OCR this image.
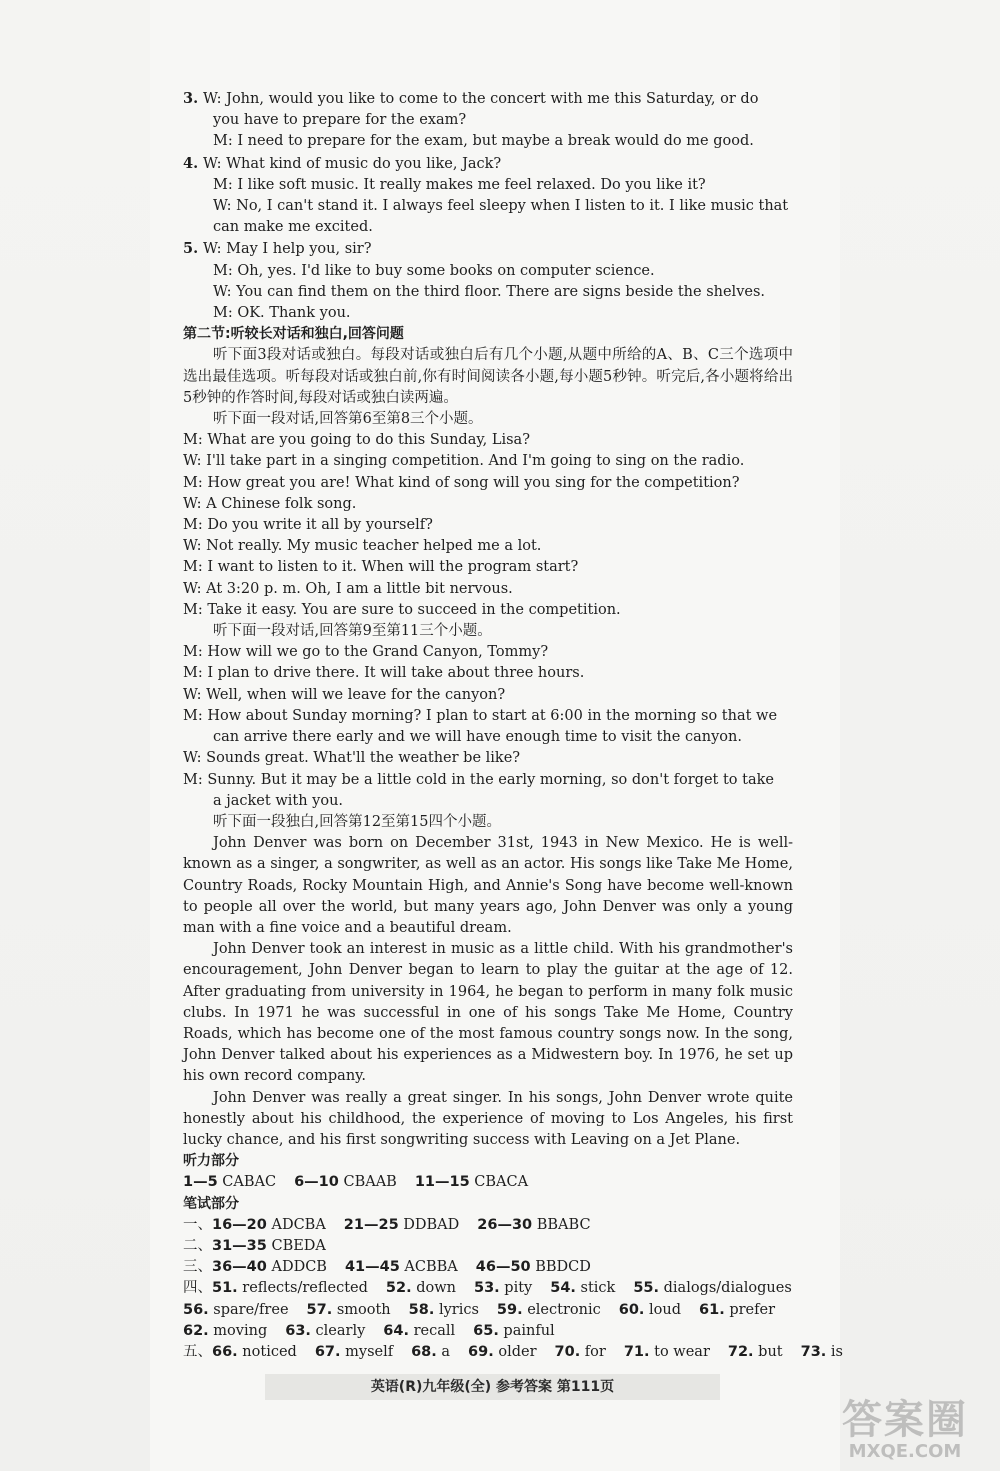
3. W: John, would you like to come to the concert with me this Saturday, or do
you have to prepare for the exam?
M: I need to prepare for the exam, but maybe a break would do me good.
4. W: What kind of music do you like, Jack?
M: I like soft music. It really makes me feel relaxed. Do you like it?
W: No, I can't stand it. I always feel sleepy when I listen to it. I like music that
can make me excited.
5. W: May I help you, sir?
M: Oh, yes. I'd like to buy some books on computer science.
W: You can find them on the third floor. There are signs beside the shelves.
M: OK. Thank you.
第二节:听较长对话和独白,回答问题
听下面3段对话或独白。每段对话或独白后有几个小题,从题中所给的A、B、C三个选项中选出最佳选项。听每段对话或独白前,你有时间阅读各小题,每小题5秒钟。听完后,各小题将给出5秒钟的作答时间,每段对话或独白读两遍。
听下面一段对话,回答第6至第8三个小题。
M: What are you going to do this Sunday, Lisa?
W: I'll take part in a singing competition. And I'm going to sing on the radio.
M: How great you are! What kind of song will you sing for the competition?
W: A Chinese folk song.
M: Do you write it all by yourself?
W: Not really. My music teacher helped me a lot.
M: I want to listen to it. When will the program start?
W: At 3:20 p. m. Oh, I am a little bit nervous.
M: Take it easy. You are sure to succeed in the competition.
听下面一段对话,回答第9至第11三个小题。
M: How will we go to the Grand Canyon, Tommy?
M: I plan to drive there. It will take about three hours.
W: Well, when will we leave for the canyon?
M: How about Sunday morning? I plan to start at 6:00 in the morning so that we
can arrive there early and we will have enough time to visit the canyon.
W: Sounds great. What'll the weather be like?
M: Sunny. But it may be a little cold in the early morning, so don't forget to take
a jacket with you.
听下面一段独白,回答第12至第15四个小题。
John Denver was born on December 31st, 1943 in New Mexico. He is well-known as a singer, a songwriter, as well as an actor. His songs like Take Me Home, Country Roads, Rocky Mountain High, and Annie's Song have become well-known to people all over the world, but many years ago, John Denver was only a young man with a fine voice and a beautiful dream.
John Denver took an interest in music as a little child. With his grandmother's encouragement, John Denver began to learn to play the guitar at the age of 12. After graduating from university in 1964, he began to perform in many folk music clubs. In 1971 he was successful in one of his songs Take Me Home, Country Roads, which has become one of the most famous country songs now. In the song, John Denver talked about his experiences as a Midwestern boy. In 1976, he set up his own record company.
John Denver was really a great singer. In his songs, John Denver wrote quite honestly about his childhood, the experience of moving to Los Angeles, his first lucky chance, and his first songwriting success with Leaving on a Jet Plane.
听力部分
1—5 CABAC 6—10 CBAAB 11—15 CBACA
笔试部分
一、16—20 ADCBA 21—25 DDBAD 26—30 BBABC
二、31—35 CBEDA
三、36—40 ADDCB 41—45 ACBBA 46—50 BBDCD
四、51. reflects/reflected 52. down 53. pity 54. stick 55. dialogs/dialogues
56. spare/free 57. smooth 58. lyrics 59. electronic 60. loud 61. prefer
62. moving 63. clearly 64. recall 65. painful
五、66. noticed 67. myself 68. a 69. older 70. for 71. to wear 72. but 73. is
英语(R)九年级(全) 参考答案 第111页
答案圈
MXQE.COM
